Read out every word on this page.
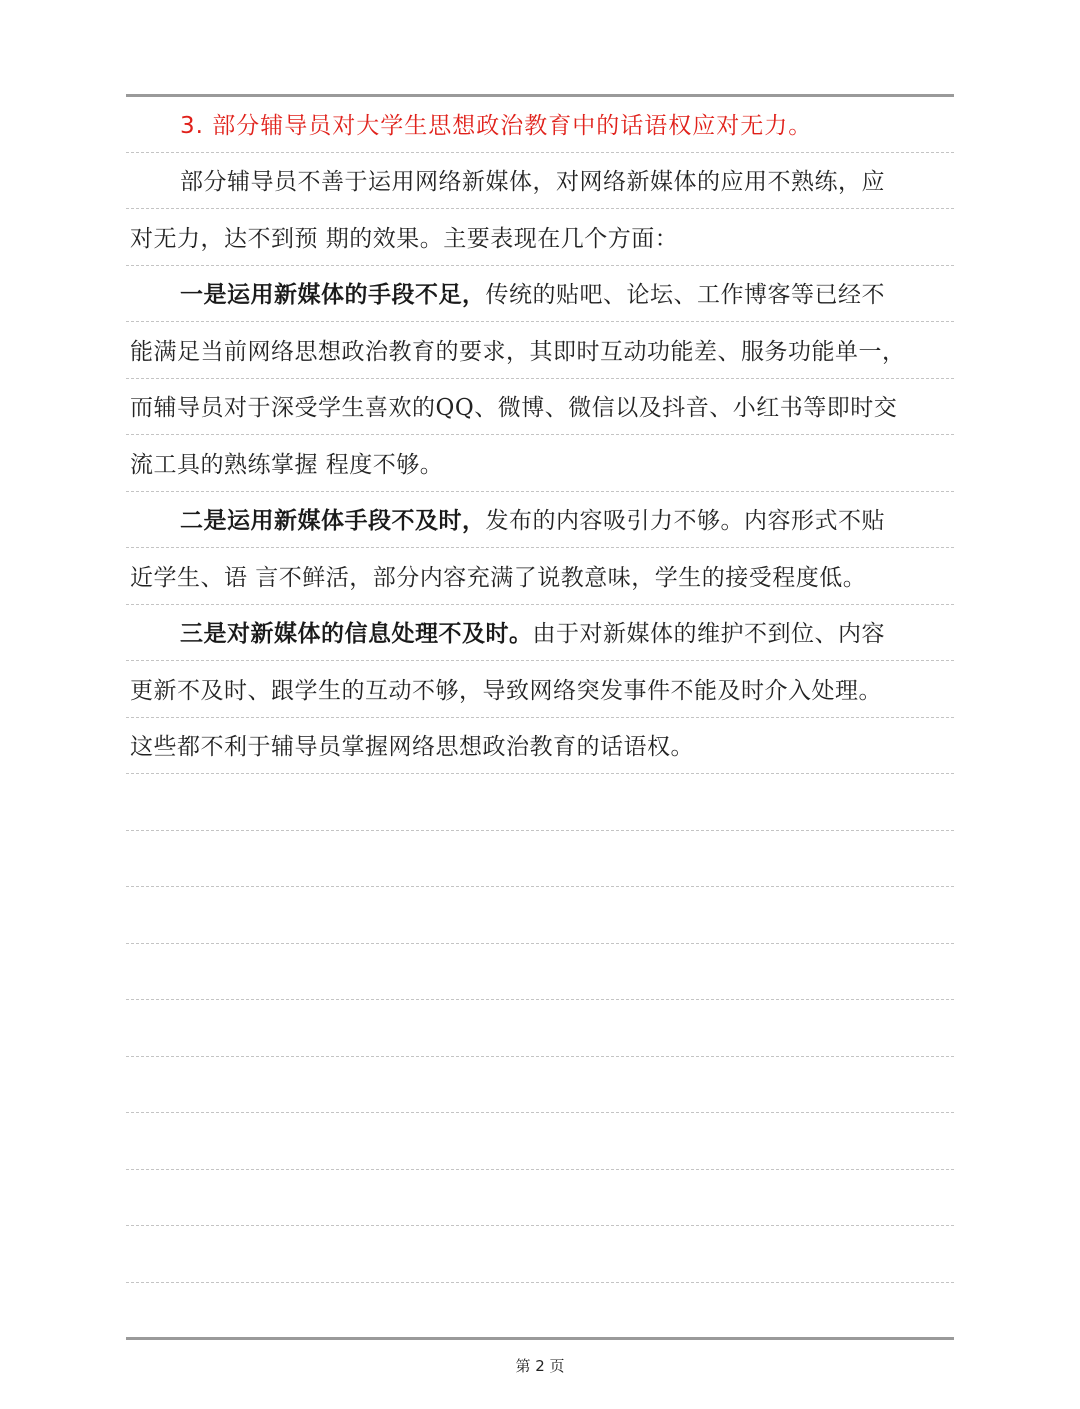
3. 部分辅导员对大学生思想政治教育中的话语权应对无力。
部分辅导员不善于运用网络新媒体，对网络新媒体的应用不熟练，应
对无力，达不到预 期的效果。主要表现在几个方面：
一是运用新媒体的手段不足，传统的贴吧、论坛、工作博客等已经不
能满足当前网络思想政治教育的要求，其即时互动功能差、服务功能单一，
而辅导员对于深受学生喜欢的QQ、微博、微信以及抖音、小红书等即时交
流工具的熟练掌握 程度不够。
二是运用新媒体手段不及时，发布的内容吸引力不够。内容形式不贴
近学生、语 言不鲜活，部分内容充满了说教意味，学生的接受程度低。
三是对新媒体的信息处理不及时。由于对新媒体的维护不到位、内容
更新不及时、跟学生的互动不够，导致网络突发事件不能及时介入处理。
这些都不利于辅导员掌握网络思想政治教育的话语权。
第 2 页
